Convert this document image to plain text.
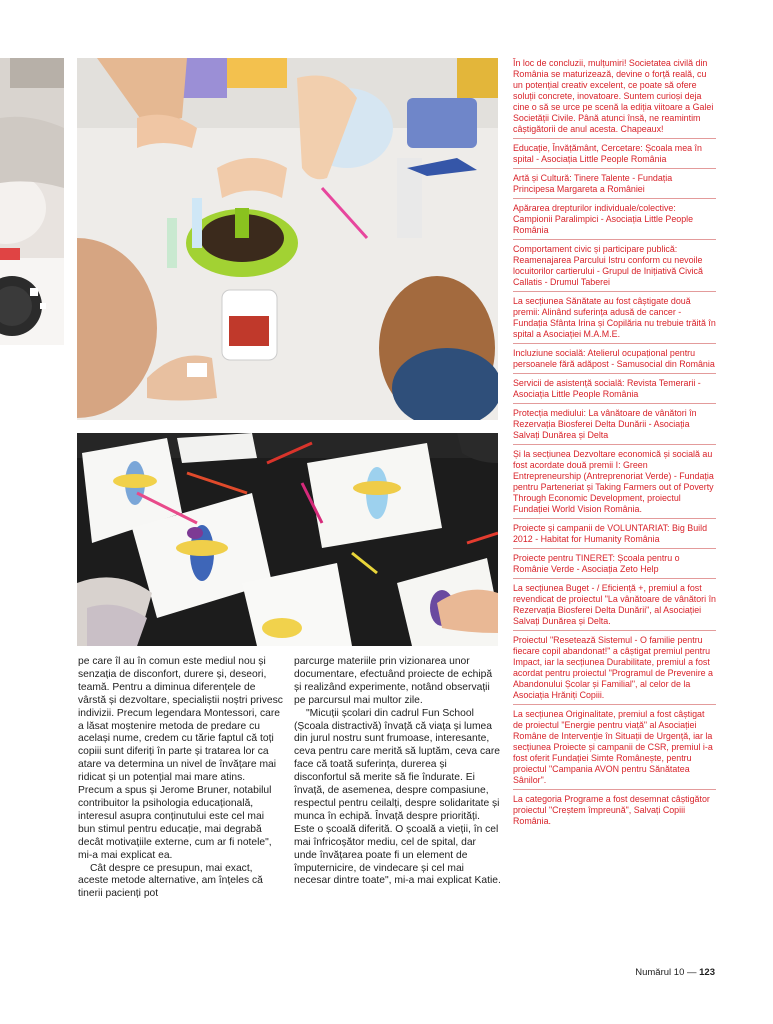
pe care îl au în comun este mediul nou și senzația de disconfort, durere și, deseori, teamă. Pentru a diminua diferențele de vârstă și dezvoltare, specialiștii noștri privesc indivizii. Precum legendara Montessori, care a lăsat moștenire metoda de predare cu același nume, credem cu tărie faptul că toți copiii sunt diferiți în parte și tratarea lor ca atare va determina un nivel de învățare mai ridicat și un potențial mai mare atins. Precum a spus și Jerome Bruner, notabilul contribuitor la psihologia educațională, interesul asupra conținutului este cel mai bun stimul pentru educație, mai degrabă decât motivațiile externe, cum ar fi notele", mi-a mai explicat ea.

Cât despre ce presupun, mai exact, aceste metode alternative, am înțeles că tinerii pacienți pot

parcurge materiile prin vizionarea unor documentare, efectuând proiecte de echipă și realizând experimente, notând observații pe parcursul mai multor zile.

"Micuții școlari din cadrul Fun School (Școala distractivă) învață că viața și lumea din jurul nostru sunt frumoase, interesante, ceva pentru care merită să luptăm, ceva care face că toată suferința, durerea și disconfortul să merite să fie îndurate. Ei învață, de asemenea, despre compasiune, respectul pentru ceilalți, despre solidaritate și munca în echipă. Învață despre priorități. Este o școală diferită. O școală a vieții, în cel mai înfricoșător mediu, cel de spital, dar unde învățarea poate fi un element de împuternicire, de vindecare și cel mai necesar dintre toate", mi-a mai explicat Katie.

În loc de concluzii, mulțumiri! Societatea civilă din România se maturizează, devine o forță reală, cu un potențial creativ excelent, ce poate să ofere soluții concrete, inovatoare. Suntem curioși deja cine o să se urce pe scenă la ediția viitoare a Galei Societății Civile. Până atunci însă, ne reamintim câștigătorii de anul acesta. Chapeaux!

Educație, Învățământ, Cercetare: Școala mea în spital - Asociația Little People România

Artă și Cultură: Tinere Talente - Fundația Principesa Margareta a României

Apărarea drepturilor individuale/colective: Campionii Paralimpici - Asociația Little People România

Comportament civic și participare publică: Reamenajarea Parcului Istru conform cu nevoile locuitorilor cartierului - Grupul de Inițiativă Civică Callatis - Drumul Taberei

La secțiunea Sănătate au fost câștigate două premii: Alinând suferința adusă de cancer - Fundația Sfânta Irina și Copilăria nu trebuie trăită în spital a Asociației M.A.M.E.

Incluziune socială: Atelierul ocupațional pentru persoanele fără adăpost - Samusocial din România

Servicii de asistență socială: Revista Temerarii - Asociația Little People România

Protecția mediului: La vânătoare de vânători în Rezervația Biosferei Delta Dunării - Asociația Salvați Dunărea și Delta

Și la secțiunea Dezvoltare economică și socială au fost acordate două premii I: Green Entrepreneurship (Antreprenoriat Verde) - Fundația pentru Parteneriat și Taking Farmers out of Poverty Through Economic Development, proiectul Fundației World Vision România.

Proiecte și campanii de VOLUNTARIAT: Big Build 2012 - Habitat for Humanity România

Proiecte pentru TINERET: Școala pentru o Românie Verde - Asociația Zeto Help

La secțiunea Buget - / Eficiență +, premiul a fost revendicat de proiectul "La vânătoare de vânători în Rezervația Biosferei Delta Dunării", al Asociației Salvați Dunărea și Delta.

Proiectul "Resetează Sistemul - O familie pentru fiecare copil abandonat!" a câștigat premiul pentru Impact, iar la secțiunea Durabilitate, premiul a fost acordat pentru proiectul "Programul de Prevenire a Abandonului Școlar și Familial", al celor de la Asociația Hrăniți Copiii.

La secțiunea Originalitate, premiul a fost câștigat de proiectul "Energie pentru viață" al Asociației Române de Intervenție în Situații de Urgență, iar la secțiunea Proiecte și campanii de CSR, premiul i-a fost oferit Fundației Simte Românește, pentru proiectul "Campania AVON pentru Sănătatea Sânilor".

La categoria Programe a fost desemnat câștigător proiectul "Creștem împreună", Salvați Copiii România.

Numărul 10 — 123
